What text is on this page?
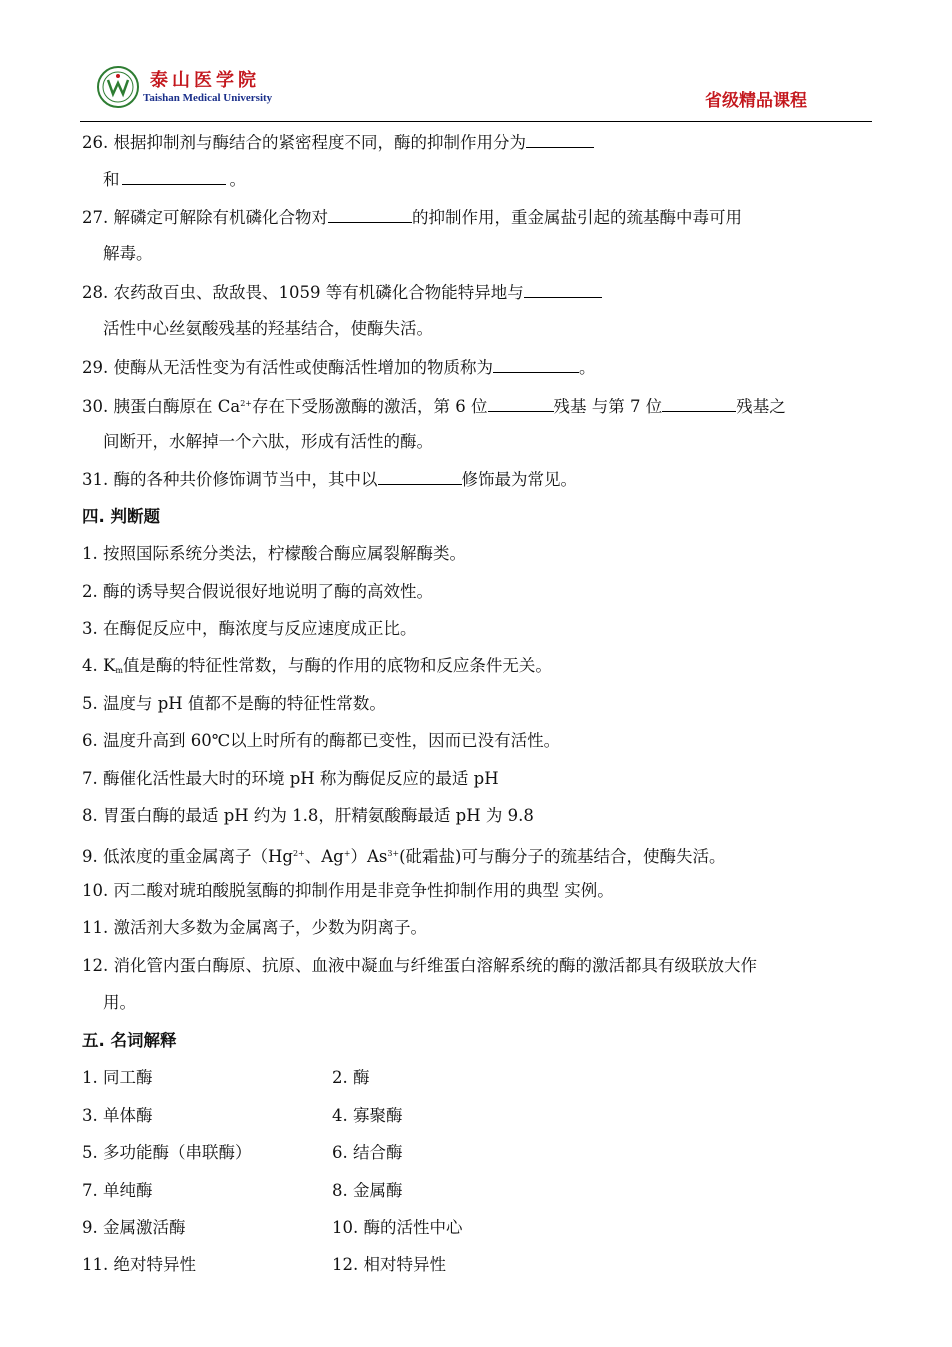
泰山医学院
Taishan Medical University	省级精品课程
26. 根据抑制剂与酶结合的紧密程度不同，酶的抑制作用分为
和	。
27. 解磷定可解除有机磷化合物对	的抑制作用，重金属盐引起的巯基酶中毒可用
解毒。
28. 农药敌百虫、敌敌畏、1059 等有机磷化合物能特异地与
活性中心丝氨酸残基的羟基结合，使酶失活。
29. 使酶从无活性变为有活性或使酶活性增加的物质称为	。
30. 胰蛋白酶原在 $Ca^{2+}$存在下受肠激酶的激活，第 6 位	残基 与第 7 位	残基之
间断开，水解掉一个六肽，形成有活性的酶。
31. 酶的各种共价修饰调节当中，其中以	修饰最为常见。
四. 判断题
1. 按照国际系统分类法，柠檬酸合酶应属裂解酶类。
2. 酶的诱导契合假说很好地说明了酶的高效性。
3. 在酶促反应中，酶浓度与反应速度成正比。
4. $K_m$值是酶的特征性常数，与酶的作用的底物和反应条件无关。
5. 温度与 pH 值都不是酶的特征性常数。
6. 温度升高到 60℃以上时所有的酶都已变性，因而已没有活性。
7. 酶催化活性最大时的环境 pH 称为酶促反应的最适 pH
8. 胃蛋白酶的最适 pH 约为 1.8，肝精氨酸酶最适 pH 为 9.8
9. 低浓度的重金属离子（$Hg^{2+}$、$Ag^+)As^{3+}$(砒霜盐)可与酶分子的巯基结合，使酶失活。
10. 丙二酸对琥珀酸脱氢酶的抑制作用是非竞争性抑制作用的典型 实例。
11. 激活剂大多数为金属离子，少数为阴离子。
12. 消化管内蛋白酶原、抗原、血液中凝血与纤维蛋白溶解系统的酶的激活都具有级联放大作
用。
五. 名词解释
1. 同工酶	2. 酶
3. 单体酶	4. 寡聚酶
5. 多功能酶（串联酶）	6. 结合酶
7. 单纯酶	8. 金属酶
9. 金属激活酶	10. 酶的活性中心
11. 绝对特异性	12. 相对特异性
